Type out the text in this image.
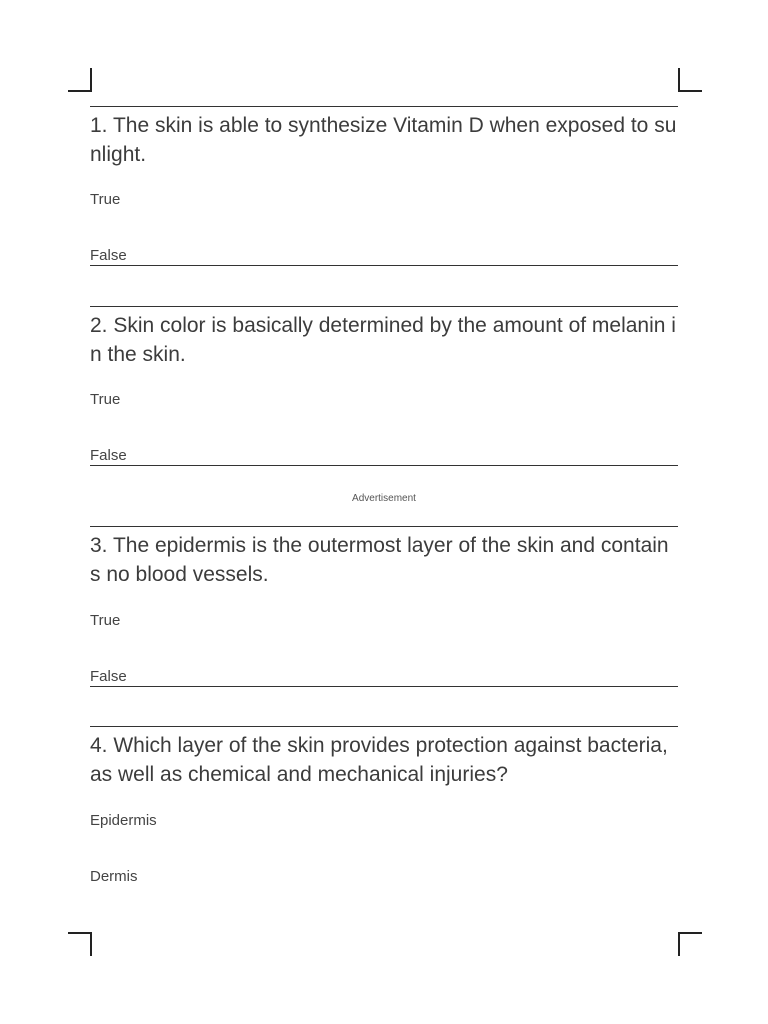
1. The skin is able to synthesize Vitamin D when exposed to sunlight.
True
False
2. Skin color is basically determined by the amount of melanin in the skin.
True
False
Advertisement
3. The epidermis is the outermost layer of the skin and contains no blood vessels.
True
False
4. Which layer of the skin provides protection against bacteria, as well as chemical and mechanical injuries?
Epidermis
Dermis
